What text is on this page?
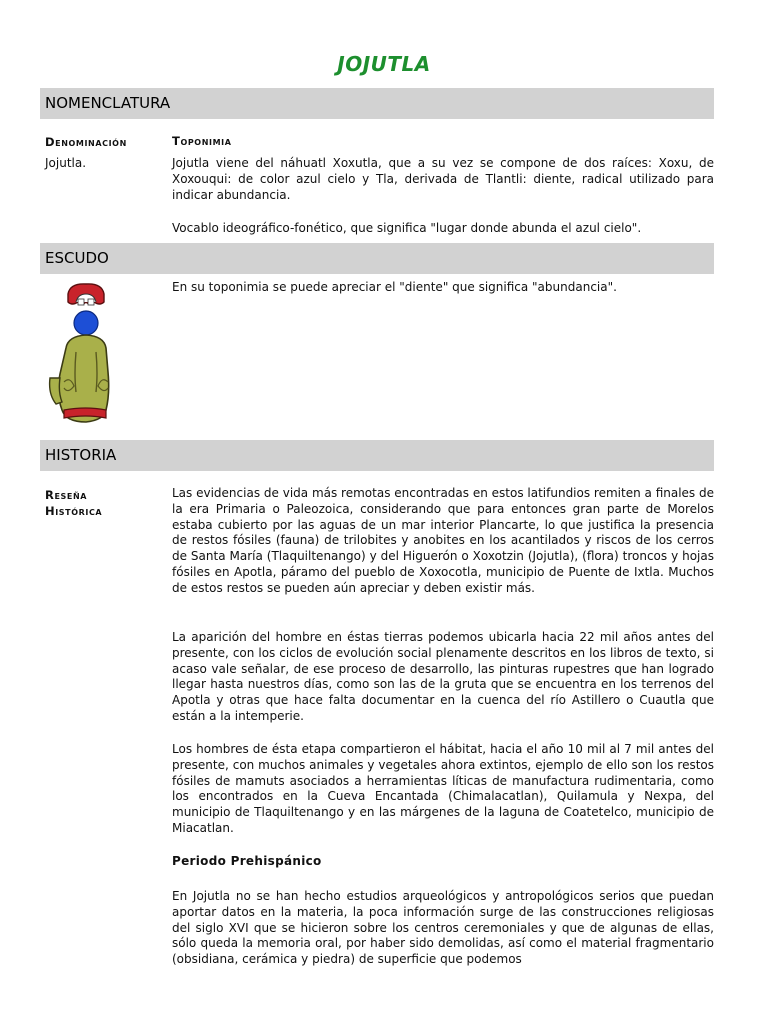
JOJUTLA
NOMENCLATURA
Denominación	Toponimia
Jojutla.	Jojutla viene del náhuatl Xoxutla, que a su vez se compone de dos raíces: Xoxu, de Xoxouqui: de color azul cielo y Tla, derivada de Tlantli: diente, radical utilizado para indicar abundancia.

Vocablo ideográfico-fonético, que significa "lugar donde abunda el azul cielo".

ESCUDO

En su toponimia se puede apreciar el "diente" que significa "abundancia".

HISTORIA
Reseña
Histórica

Las evidencias de vida más remotas encontradas en estos latifundios remiten a finales de la era Primaria o Paleozoica, considerando que para entonces gran parte de Morelos estaba cubierto por las aguas de un mar interior Plancarte, lo que justifica la presencia de restos fósiles (fauna) de trilobites y anobites en los acantilados y riscos de los cerros de Santa María (Tlaquiltenango) y del Higuerón o Xoxotzin (Jojutla), (flora) troncos y hojas fósiles en Apotla, páramo del pueblo de Xoxocotla, municipio de Puente de Ixtla. Muchos de estos restos se pueden aún apreciar y deben existir más.

La aparición del hombre en éstas tierras podemos ubicarla hacia 22 mil años antes del presente, con los ciclos de evolución social plenamente descritos en los libros de texto, si acaso vale señalar, de ese proceso de desarrollo, las pinturas rupestres que han logrado llegar hasta nuestros días, como son las de la gruta que se encuentra en los terrenos del Apotla y otras que hace falta documentar en la cuenca del río Astillero o Cuautla que están a la intemperie.

Los hombres de ésta etapa compartieron el hábitat, hacia el año 10 mil al 7 mil antes del presente, con muchos animales y vegetales ahora extintos, ejemplo de ello son los restos fósiles de mamuts asociados a herramientas líticas de manufactura rudimentaria, como los encontrados en la Cueva Encantada (Chimalacatlan), Quilamula y Nexpa, del municipio de Tlaquiltenango y en las márgenes de la laguna de Coatetelco, municipio de Miacatlan.

Periodo Prehispánico

En Jojutla no se han hecho estudios arqueológicos y antropológicos serios que puedan aportar datos en la materia, la poca información surge de las construcciones religiosas del siglo XVI que se hicieron sobre los centros ceremoniales y que de algunas de ellas, sólo queda la memoria oral, por haber sido demolidas, así como el material fragmentario (obsidiana, cerámica y piedra) de superficie que podemos
